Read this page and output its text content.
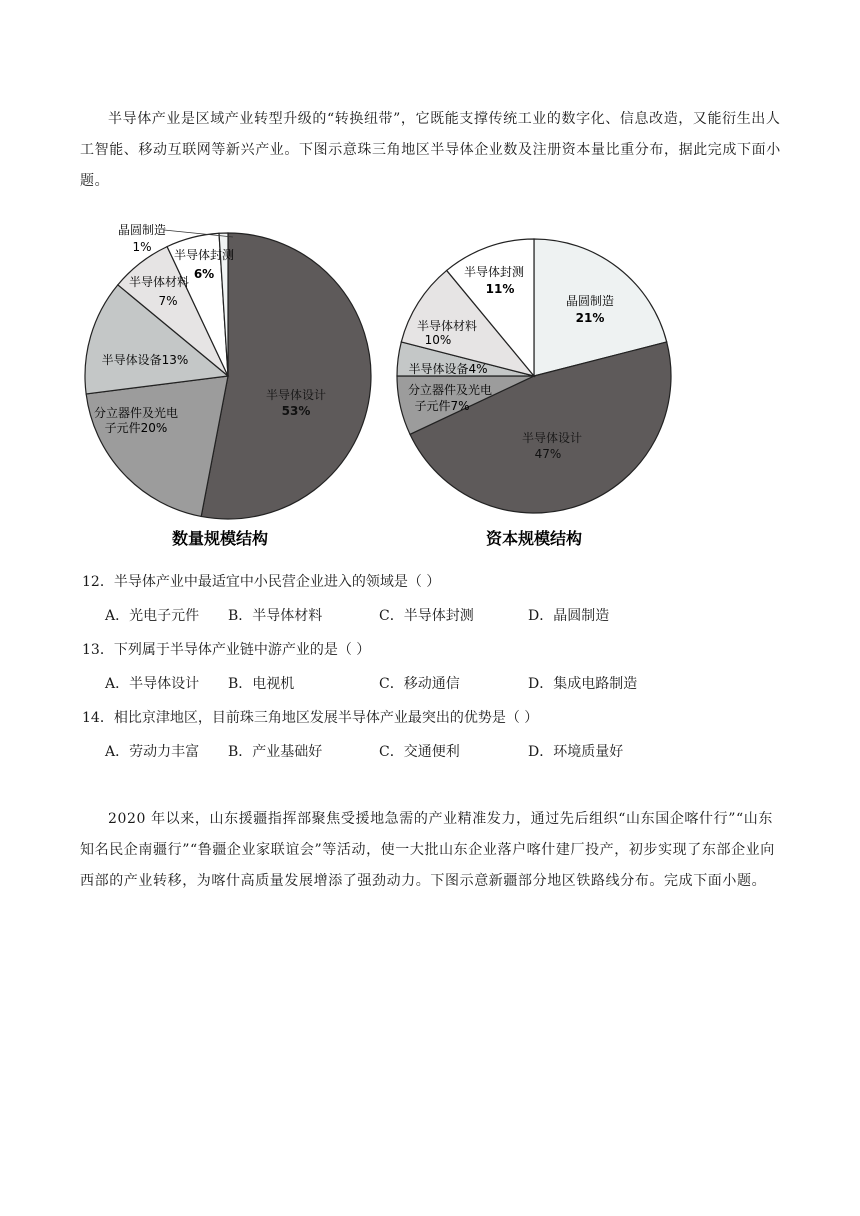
半导体产业是区域产业转型升级的“转换纽带”，它既能支撑传统工业的数字化、信息改造，又能衍生出人工智能、移动互联网等新兴产业。下图示意珠三角地区半导体企业数及注册资本量比重分布，据此完成下面小题。

晶圆制造
1%
半导体封测
6%
半导体材料
7%
半导体设备13%
分立器件及光电
子元件20%
半导体设计
53%
半导体封测
11%
晶圆制造
21%
半导体材料
10%
半导体设备4%
分立器件及光电
子元件7%
半导体设计
47%
数量规模结构	资本规模结构

12．半导体产业中最适宜中小民营企业进入的领域是（ ）

A．光电子元件 B．半导体材料	C．半导体封测	D．晶圆制造

13．下列属于半导体产业链中游产业的是（ ）

A．半导体设计 B．电视机	C．移动通信	D．集成电路制造

14．相比京津地区，目前珠三角地区发展半导体产业最突出的优势是（ ）

A．劳动力丰富 B．产业基础好	C．交通便利	D．环境质量好

2020 年以来，山东援疆指挥部聚焦受援地急需的产业精准发力，通过先后组织“山东国企喀什行”“山东知名民企南疆行”“鲁疆企业家联谊会”等活动，使一大批山东企业落户喀什建厂投产，初步实现了东部企业向西部的产业转移，为喀什高质量发展增添了强劲动力。下图示意新疆部分地区铁路线分布。完成下面小题。
